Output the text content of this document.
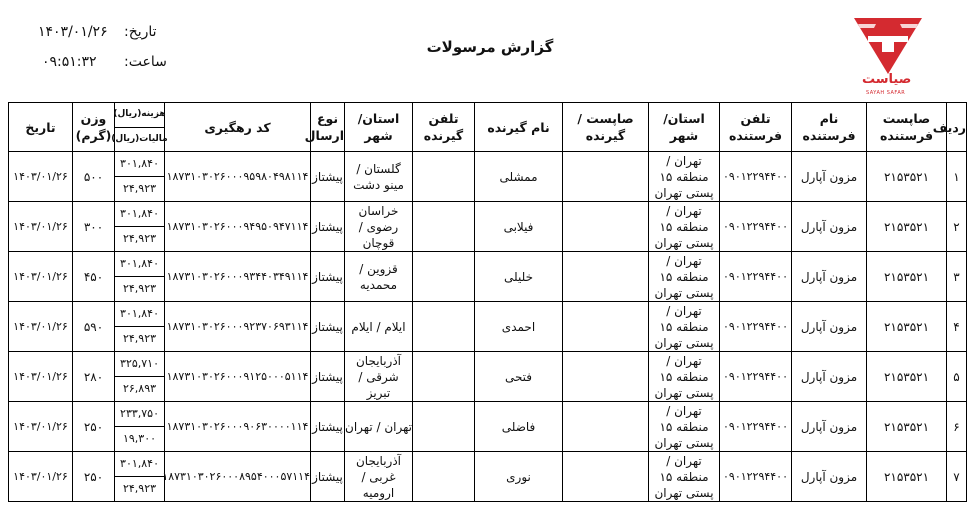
۱۴۰۳/۰۱/۲۶ تاریخ:
۰۹:۵۱:۳۲ ساعت:
گزارش مرسولات
صیاست
SAYAH SAFAR
ردیف	صاپست فرستنده	نام فرستنده	تلفن فرستنده	استان/ شهر	صاپست / گیرنده	نام گیرنده	تلفن گیرنده	استان/ شهر	نوع ارسال	کد رهگیری	هزینه(ریال)
مالیات(ریال)	وزن (گرم)	تاریخ
۱	۲۱۵۳۵۲۱	مزون آپارل	۰۹۰۱۲۲۹۴۴۰۰	تهران / منطقه ۱۵ پستی تهران		ممشلی		گلستان / مینو دشت	پیشتاز	۱۸۷۳۱۰۳۰۲۶۰۰۰۹۵۹۸۰۴۹۸۱۱۴	۳۰۱,۸۴۰
۲۴,۹۲۳	۵۰۰	۱۴۰۳/۰۱/۲۶
۲	۲۱۵۳۵۲۱	مزون آپارل	۰۹۰۱۲۲۹۴۴۰۰	تهران / منطقه ۱۵ پستی تهران		فیلابی		خراسان رضوی / قوچان	پیشتاز	۱۸۷۳۱۰۳۰۲۶۰۰۰۹۴۹۵۰۹۴۷۱۱۴	۳۰۱,۸۴۰
۲۴,۹۲۳	۳۰۰	۱۴۰۳/۰۱/۲۶
۳	۲۱۵۳۵۲۱	مزون آپارل	۰۹۰۱۲۲۹۴۴۰۰	تهران / منطقه ۱۵ پستی تهران		خلیلی		قزوین / محمدیه	پیشتاز	۱۸۷۳۱۰۳۰۲۶۰۰۰۹۳۴۴۰۳۴۹۱۱۴	۳۰۱,۸۴۰
۲۴,۹۲۳	۴۵۰	۱۴۰۳/۰۱/۲۶
۴	۲۱۵۳۵۲۱	مزون آپارل	۰۹۰۱۲۲۹۴۴۰۰	تهران / منطقه ۱۵ پستی تهران		احمدی		ایلام / ایلام	پیشتاز	۱۸۷۳۱۰۳۰۲۶۰۰۰۹۲۳۷۰۶۹۳۱۱۴	۳۰۱,۸۴۰
۲۴,۹۲۳	۵۹۰	۱۴۰۳/۰۱/۲۶
۵	۲۱۵۳۵۲۱	مزون آپارل	۰۹۰۱۲۲۹۴۴۰۰	تهران / منطقه ۱۵ پستی تهران		فتحی		آذربایجان شرقی / تبریز	پیشتاز	۱۸۷۳۱۰۳۰۲۶۰۰۰۹۱۲۵۰۰۰۵۱۱۴	۳۲۵,۷۱۰
۲۶,۸۹۳	۲۸۰	۱۴۰۳/۰۱/۲۶
۶	۲۱۵۳۵۲۱	مزون آپارل	۰۹۰۱۲۲۹۴۴۰۰	تهران / منطقه ۱۵ پستی تهران		فاضلی		تهران / تهران	پیشتاز	۱۸۷۳۱۰۳۰۲۶۰۰۰۹۰۶۳۰۰۰۰۱۱۴	۲۳۳,۷۵۰
۱۹,۳۰۰	۲۵۰	۱۴۰۳/۰۱/۲۶
۷	۲۱۵۳۵۲۱	مزون آپارل	۰۹۰۱۲۲۹۴۴۰۰	تهران / منطقه ۱۵ پستی تهران		نوری		آذربایجان غربی / ارومیه	پیشتاز	۱۸۷۳۱۰۳۰۲۶۰۰۰۸۹۵۴۰۰۰۵۷۱۱۴	۳۰۱,۸۴۰
۲۴,۹۲۳	۲۵۰	۱۴۰۳/۰۱/۲۶
